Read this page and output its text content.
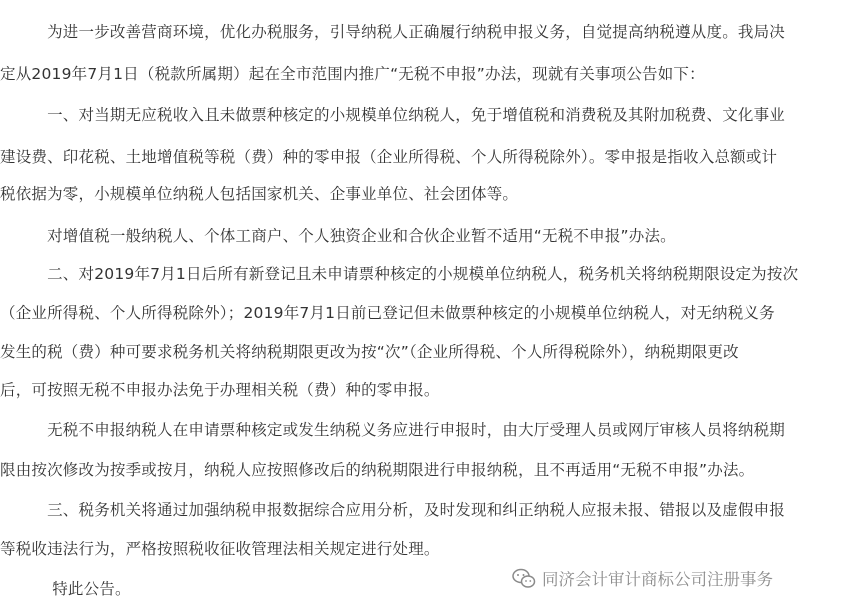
　　　为进一步改善营商环境，优化办税服务，引导纳税人正确履行纳税申报义务，自觉提高纳税遵从度。我局决
定从2019年7月1日（税款所属期）起在全市范围内推广“无税不申报”办法，现就有关事项公告如下：
　　　一、对当期无应税收入且未做票种核定的小规模单位纳税人，免于增值税和消费税及其附加税费、文化事业
建设费、印花税、土地增值税等税（费）种的零申报（企业所得税、个人所得税除外）。零申报是指收入总额或计
税依据为零，小规模单位纳税人包括国家机关、企事业单位、社会团体等。
　　　对增值税一般纳税人、个体工商户、个人独资企业和合伙企业暂不适用“无税不申报”办法。
　　　二、对2019年7月1日后所有新登记且未申请票种核定的小规模单位纳税人，税务机关将纳税期限设定为按次
（企业所得税、个人所得税除外）；2019年7月1日前已登记但未做票种核定的小规模单位纳税人，对无纳税义务
发生的税（费）种可要求税务机关将纳税期限更改为按“次”（企业所得税、个人所得税除外），纳税期限更改
后，可按照无税不申报办法免于办理相关税（费）种的零申报。
　　　无税不申报纳税人在申请票种核定或发生纳税义务应进行申报时，由大厅受理人员或网厅审核人员将纳税期
限由按次修改为按季或按月，纳税人应按照修改后的纳税期限进行申报纳税，且不再适用“无税不申报”办法。
　　　三、税务机关将通过加强纳税申报数据综合应用分析，及时发现和纠正纳税人应报未报、错报以及虚假申报
等税收违法行为，严格按照税收征收管理法相关规定进行处理。
　　　 特此公告。	同济会计审计商标公司注册事务
